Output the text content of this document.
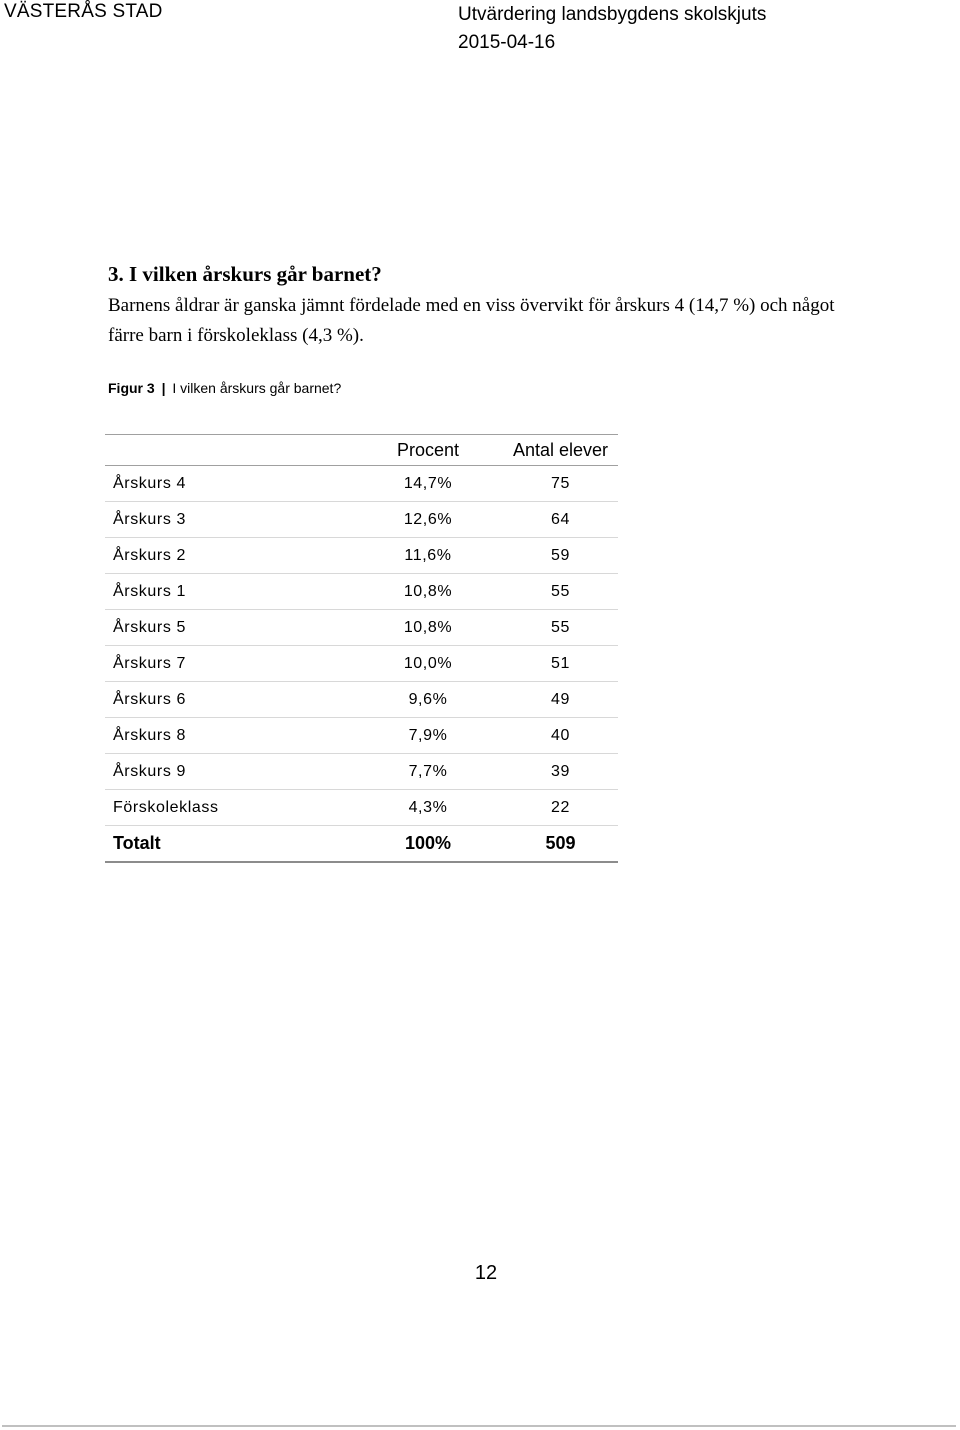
VÄSTERÅS STAD	Utvärdering landsbygdens skolskjuts
2015-04-16
3. I vilken årskurs går barnet?
Barnens åldrar är ganska jämnt fördelade med en viss övervikt för årskurs 4 (14,7 %) och något färre barn i förskoleklass (4,3 %).
Figur 3 | I vilken årskurs går barnet?
	Procent	Antal elever
Årskurs 4	14,7%	75
Årskurs 3	12,6%	64
Årskurs 2	11,6%	59
Årskurs 1	10,8%	55
Årskurs 5	10,8%	55
Årskurs 7	10,0%	51
Årskurs 6	9,6%	49
Årskurs 8	7,9%	40
Årskurs 9	7,7%	39
Förskoleklass	4,3%	22
Totalt	100%	509
12
